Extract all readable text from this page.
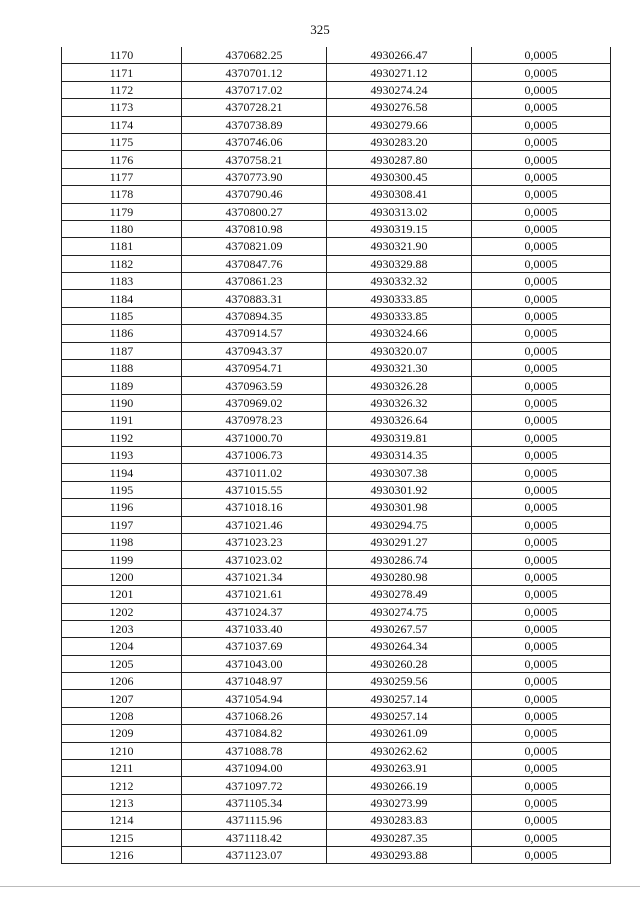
325
1170	4370682.25	4930266.47	0,0005
1171	4370701.12	4930271.12	0,0005
1172	4370717.02	4930274.24	0,0005
1173	4370728.21	4930276.58	0,0005
1174	4370738.89	4930279.66	0,0005
1175	4370746.06	4930283.20	0,0005
1176	4370758.21	4930287.80	0,0005
1177	4370773.90	4930300.45	0,0005
1178	4370790.46	4930308.41	0,0005
1179	4370800.27	4930313.02	0,0005
1180	4370810.98	4930319.15	0,0005
1181	4370821.09	4930321.90	0,0005
1182	4370847.76	4930329.88	0,0005
1183	4370861.23	4930332.32	0,0005
1184	4370883.31	4930333.85	0,0005
1185	4370894.35	4930333.85	0,0005
1186	4370914.57	4930324.66	0,0005
1187	4370943.37	4930320.07	0,0005
1188	4370954.71	4930321.30	0,0005
1189	4370963.59	4930326.28	0,0005
1190	4370969.02	4930326.32	0,0005
1191	4370978.23	4930326.64	0,0005
1192	4371000.70	4930319.81	0,0005
1193	4371006.73	4930314.35	0,0005
1194	4371011.02	4930307.38	0,0005
1195	4371015.55	4930301.92	0,0005
1196	4371018.16	4930301.98	0,0005
1197	4371021.46	4930294.75	0,0005
1198	4371023.23	4930291.27	0,0005
1199	4371023.02	4930286.74	0,0005
1200	4371021.34	4930280.98	0,0005
1201	4371021.61	4930278.49	0,0005
1202	4371024.37	4930274.75	0,0005
1203	4371033.40	4930267.57	0,0005
1204	4371037.69	4930264.34	0,0005
1205	4371043.00	4930260.28	0,0005
1206	4371048.97	4930259.56	0,0005
1207	4371054.94	4930257.14	0,0005
1208	4371068.26	4930257.14	0,0005
1209	4371084.82	4930261.09	0,0005
1210	4371088.78	4930262.62	0,0005
1211	4371094.00	4930263.91	0,0005
1212	4371097.72	4930266.19	0,0005
1213	4371105.34	4930273.99	0,0005
1214	4371115.96	4930283.83	0,0005
1215	4371118.42	4930287.35	0,0005
1216	4371123.07	4930293.88	0,0005
